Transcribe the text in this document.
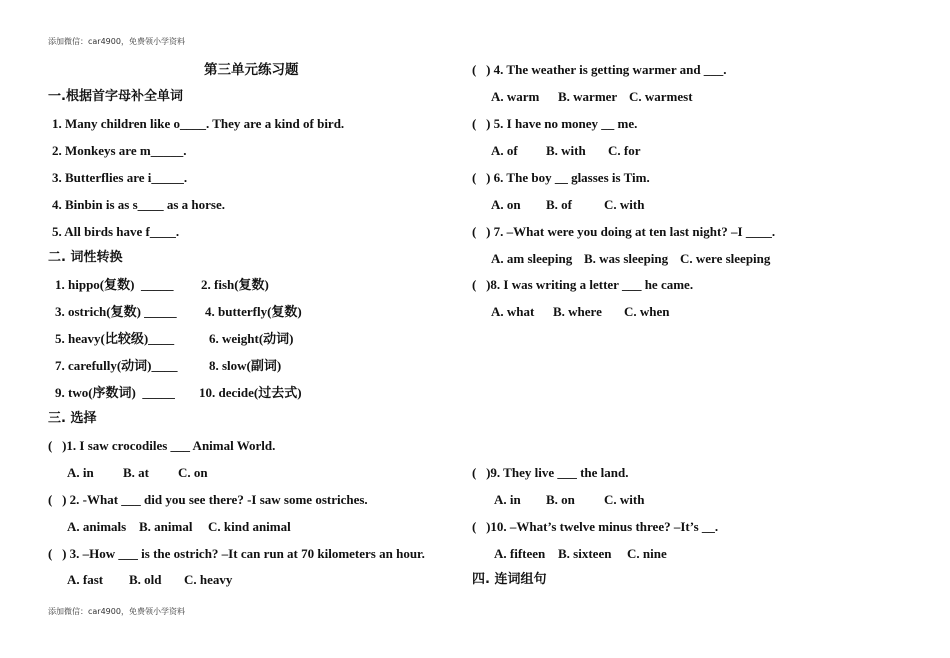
添加微信：car4900，免费领小学资料
添加微信：car4900，免费领小学资料
第三单元练习题
一.根据首字母补全单词
1. Many children like o____. They are a kind of bird.
2. Monkeys are m_____.
3. Butterflies are i_____.
4. Binbin is as s____ as a horse.
5. All birds have f____.
二. 词性转换
1. hippo(复数)  _____ 2. fish(复数)
3. ostrich(复数) _____ 4. butterfly(复数)
5. heavy(比较级)____	6. weight(动词)
7. carefully(动词)____ 8. slow(副词)
9. two(序数词)  _____ 10. decide(过去式)
三. 选择
(   )1. I saw crocodiles ___ Animal World.
A. in B. at C. on
(   ) 2. -What ___ did you see there? -I saw some ostriches.
A. animals B. animal C. kind animal
(   ) 3. –How ___ is the ostrich? –It can run at 70 kilometers an hour.
A. fast B. old C. heavy
(   ) 4. The weather is getting warmer and ___.
A. warm B. warmer C. warmest
(   ) 5. I have no money __ me.
A. of B. with C. for
(   ) 6. The boy __ glasses is Tim.
A. on B. of C. with
(   ) 7. –What were you doing at ten last night? –I ____.
A. am sleeping B. was sleeping C. were sleeping
(   )8. I was writing a letter ___ he came.
A. what B. where C. when
(   )9. They live ___ the land.
A. in B. on C. with
(   )10. –What’s twelve minus three? –It’s __.
A. fifteen B. sixteen C. nine
四. 连词组句
